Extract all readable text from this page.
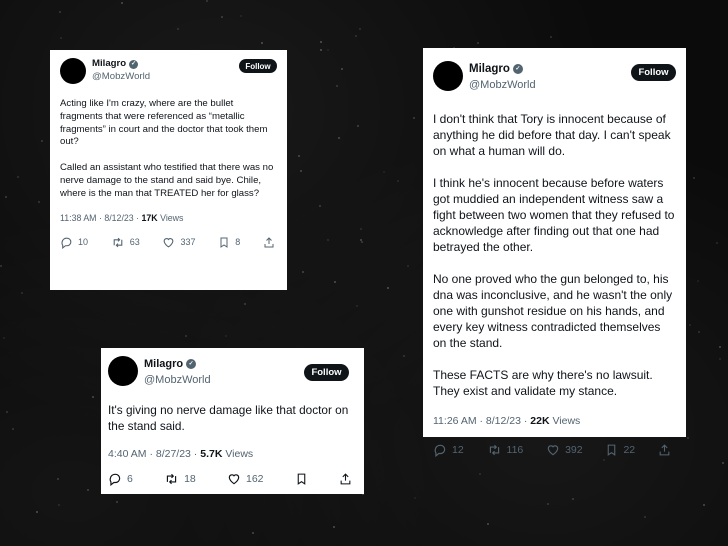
Milagro ✓
@MobzWorld
Follow

Acting like I'm crazy, where are the bullet fragments that were referenced as “metallic fragments” in court and the doctor that took them out?

Called an assistant who testified that there was no nerve damage to the stand and said bye. Chile, where is the man that TREATED her for glass?

11:38 AM · 8/12/23 · 17K Views
10	63	337	8
Milagro ✓
@MobzWorld
Follow

I don't think that Tory is innocent because of anything he did before that day. I can't speak on what a human will do.

I think he's innocent because before waters got muddied an independent witness saw a fight between two women that they refused to acknowledge after finding out that one had betrayed the other.

No one proved who the gun belonged to, his dna was inconclusive, and he wasn't the only one with gunshot residue on his hands, and every key witness contradicted themselves on the stand.

These FACTS are why there's no lawsuit. They exist and validate my stance.

11:26 AM · 8/12/23 · 22K Views
12	116	392	22
Milagro ✓
@MobzWorld
Follow

It's giving no nerve damage like that doctor on the stand said.

4:40 AM · 8/27/23 · 5.7K Views
6	18	162
